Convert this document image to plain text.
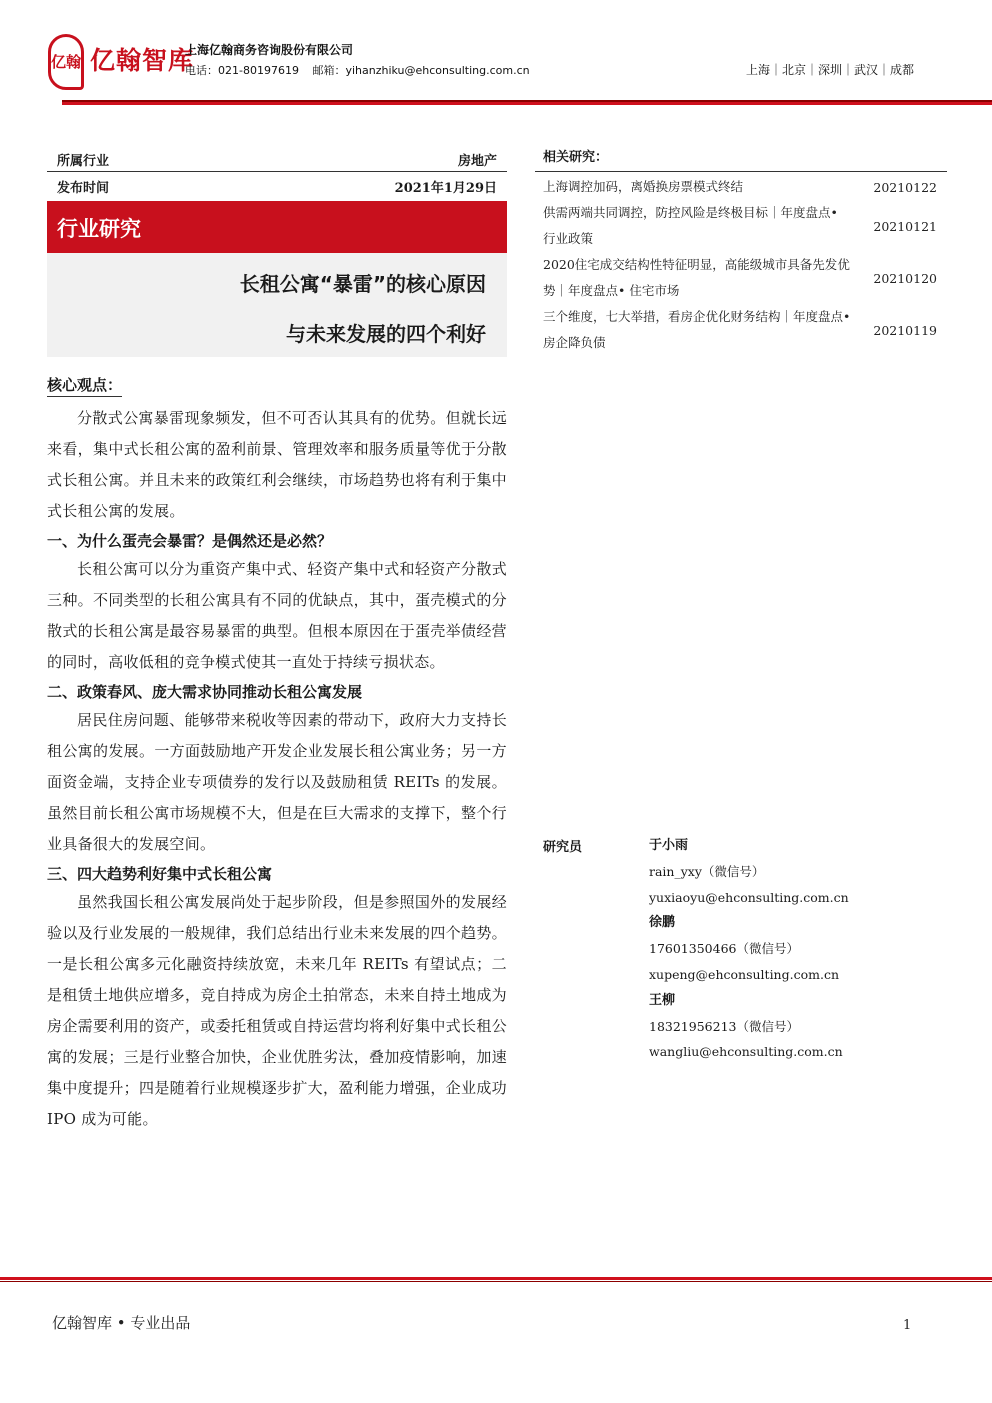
亿翰 亿翰智库
上海亿翰商务咨询股份有限公司
电话：021-80197619 邮箱：yihanzhiku@ehconsulting.com.cn	上海｜北京｜深圳｜武汉｜成都
所属行业	房地产
发布时间	2021年1月29日
行业研究
长租公寓“暴雷”的核心原因
与未来发展的四个利好
核心观点：

分散式公寓暴雷现象频发，但不可否认其具有的优势。但就长远来看，集中式长租公寓的盈利前景、管理效率和服务质量等优于分散式长租公寓。并且未来的政策红利会继续，市场趋势也将有利于集中式长租公寓的发展。

一、为什么蛋壳会暴雷？是偶然还是必然？

长租公寓可以分为重资产集中式、轻资产集中式和轻资产分散式三种。不同类型的长租公寓具有不同的优缺点，其中，蛋壳模式的分散式的长租公寓是最容易暴雷的典型。但根本原因在于蛋壳举债经营的同时，高收低租的竞争模式使其一直处于持续亏损状态。

二、政策春风、庞大需求协同推动长租公寓发展

居民住房问题、能够带来税收等因素的带动下，政府大力支持长租公寓的发展。一方面鼓励地产开发企业发展长租公寓业务；另一方面资金端，支持企业专项债券的发行以及鼓励租赁 REITs 的发展。虽然目前长租公寓市场规模不大，但是在巨大需求的支撑下，整个行业具备很大的发展空间。

三、四大趋势利好集中式长租公寓

虽然我国长租公寓发展尚处于起步阶段，但是参照国外的发展经验以及行业发展的一般规律，我们总结出行业未来发展的四个趋势。一是长租公寓多元化融资持续放宽，未来几年 REITs 有望试点；二是租赁土地供应增多，竞自持成为房企土拍常态，未来自持土地成为房企需要利用的资产，或委托租赁或自持运营均将利好集中式长租公寓的发展；三是行业整合加快，企业优胜劣汰，叠加疫情影响，加速集中度提升；四是随着行业规模逐步扩大，盈利能力增强，企业成功 IPO 成为可能。

相关研究：
上海调控加码，离婚换房票模式终结	20210122
供需两端共同调控，防控风险是终极目标｜年度盘点• 行业政策
20210121
2020住宅成交结构性特征明显，高能级城市具备先发优势｜年度盘点• 住宅市场
20210120
三个维度，七大举措，看房企优化财务结构｜年度盘点• 房企降负债
20210119
研究员	于小雨
rain_yxy（微信号）
yuxiaoyu@ehconsulting.com.cn
徐鹏
17601350466（微信号）
xupeng@ehconsulting.com.cn
王柳
18321956213（微信号）
wangliu@ehconsulting.com.cn
亿翰智库 • 专业出品	1
